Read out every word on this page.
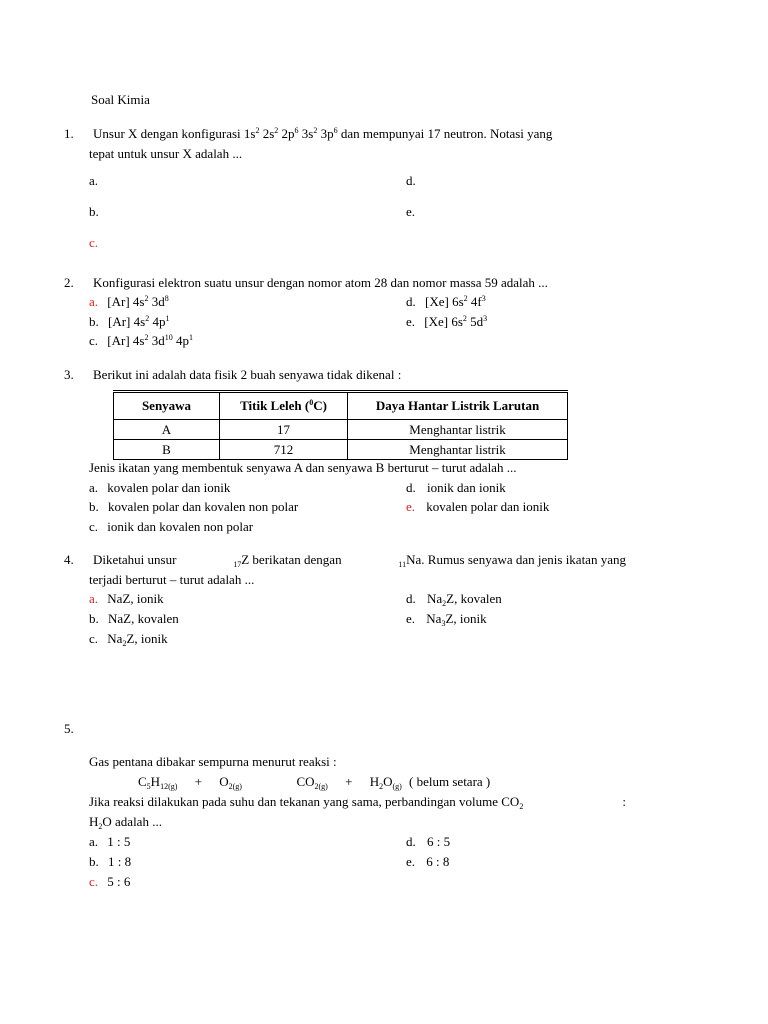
Soal Kimia
1. Unsur X dengan konfigurasi $1s^2$ $2s^2$ $2p^6$ $3s^2$ $3p^6$ dan mempunyai 17 neutron. Notasi yang
tepat untuk unsur X adalah ...
a.
b.
c.
d.
e.
2. Konfigurasi elektron suatu unsur dengan nomor atom 28 dan nomor massa 59 adalah ...
a. [Ar] $4s^2$ $3d^8$
b. [Ar] $4s^2$ $4p^1$
c. [Ar] $4s^2$ $3d^{10}$ $4p^1$
d. [Xe] $6s^2$ $4f^3$
e. [Xe] $6s^2$ $5d^3$
3. Berikut ini adalah data fisik 2 buah senyawa tidak dikenal :
Senyawa	Titik Leleh ($^0$C)	Daya Hantar Listrik Larutan
A	17	Menghantar listrik
B	712	Menghantar listrik
Jenis ikatan yang membentuk senyawa A dan senyawa B berturut – turut adalah ...
a. kovalen polar dan ionik
b. kovalen polar dan kovalen non polar
c. ionik dan kovalen non polar
d. ionik dan ionik
e. kovalen polar dan ionik
4. Diketahui unsur	$_{17}$Z berikatan dengan	$_{11}$Na. Rumus senyawa dan jenis ikatan yang
terjadi berturut – turut adalah ...
a. NaZ, ionik
b. NaZ, kovalen
c. $Na_2Z$, ionik
d. $Na_2Z$, kovalen
e. $Na_3Z$, ionik
5.
Gas pentana dibakar sempurna menurut reaksi :
$C_5H_{12(g)} + O_{2(g)}$	$CO_{2(g)} + H_2O_{(g)}$ ( belum setara )
Jika reaksi dilakukan pada suhu dan tekanan yang sama, perbandingan volume $CO_2$	:
$H_2O$ adalah ...
a. 1 : 5
b. 1 : 8
c. 5 : 6
d. 6 : 5
e. 6 : 8
